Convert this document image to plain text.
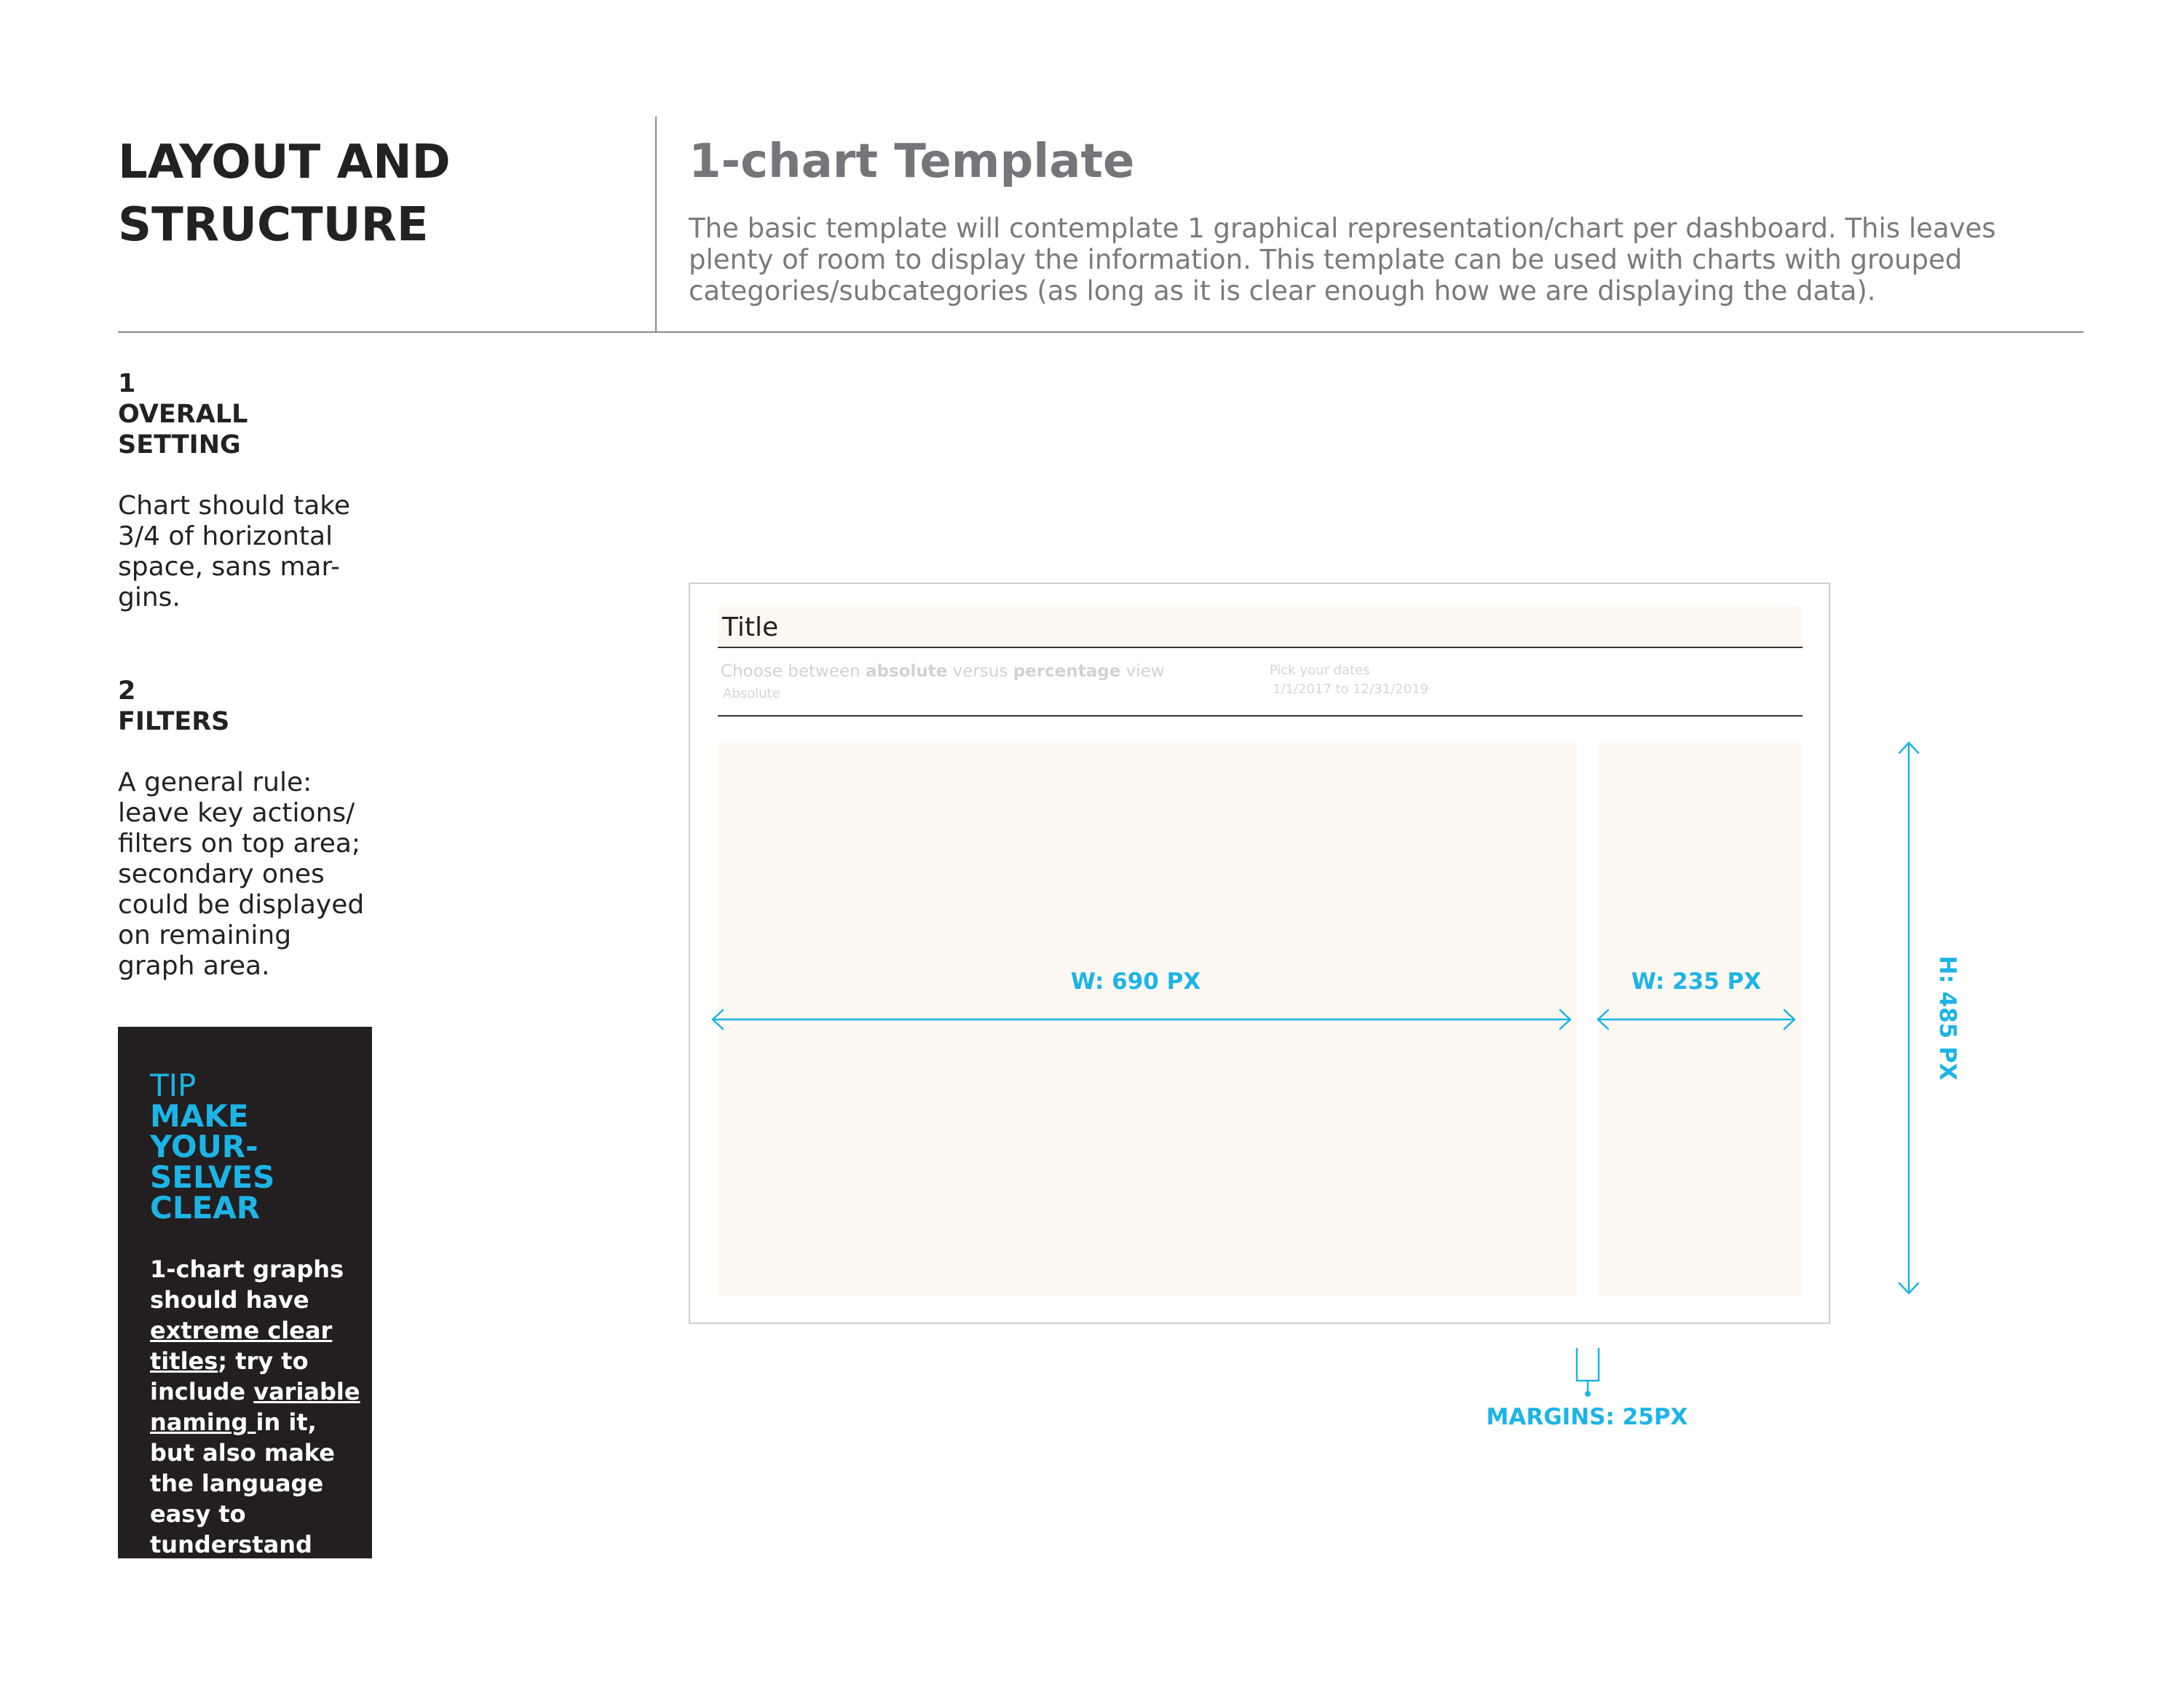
LAYOUT AND STRUCTURE
1-chart Template

The basic template will contemplate 1 graphical representation/chart per dashboard. This leaves plenty of room to display the information. This template can be used with charts with grouped categories/subcategories (as long as it is clear enough how we are displaying the data).

1
OVERALL SETTING

Chart should take 3/4 of horizontal space, sans mar-gins.

2
FILTERS

A general rule: leave key actions/ filters on top area; secondary ones could be displayed on remaining graph area.

TIP
MAKE
YOUR-
SELVES
CLEAR

1-chart graphs should have extreme clear titles; try to include variable naming in it, but also make the language easy to tunderstand

Title
Choose between absolute versus percentage view
Absolute
Pick your dates
1/1/2017 to 12/31/2019
W: 690 PX	W: 235 PX	H: 485 PX
MARGINS: 25PX
